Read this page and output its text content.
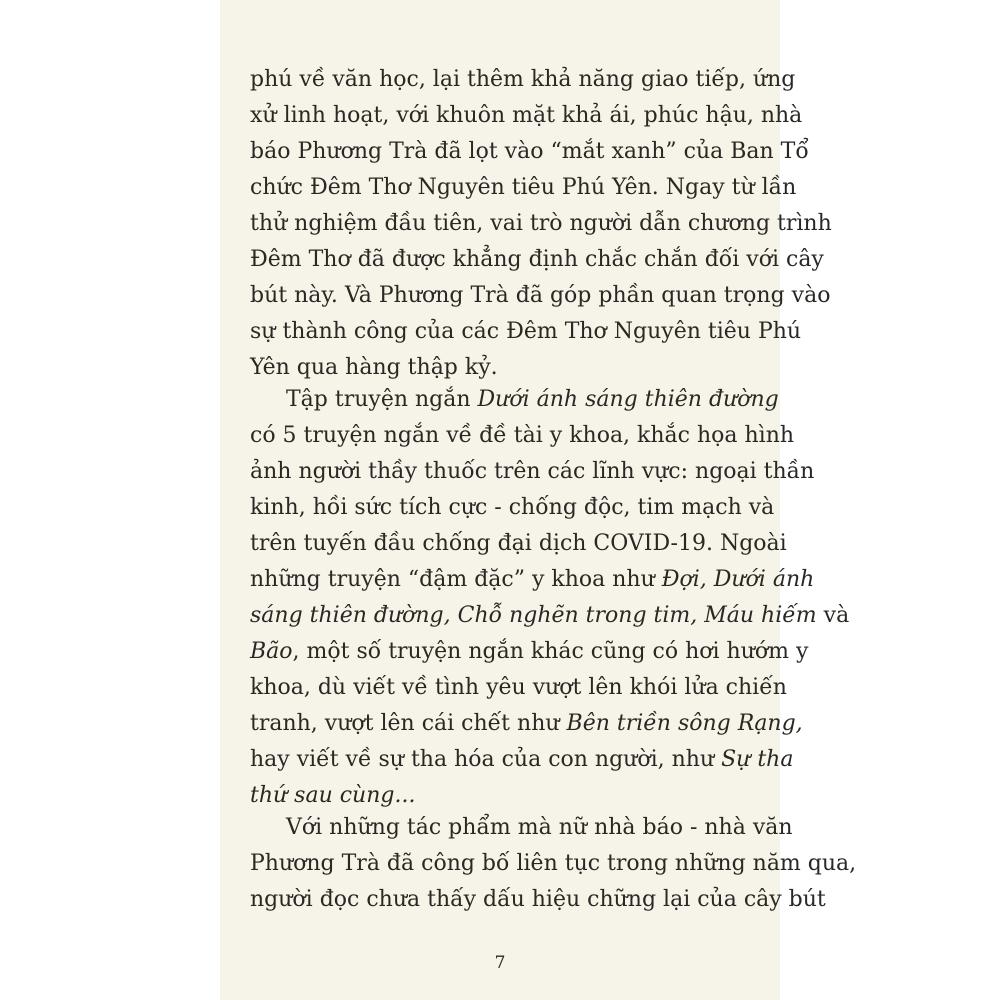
phú về văn học, lại thêm khả năng giao tiếp, ứng
xử linh hoạt, với khuôn mặt khả ái, phúc hậu, nhà
báo Phương Trà đã lọt vào “mắt xanh” của Ban Tổ
chức Đêm Thơ Nguyên tiêu Phú Yên. Ngay từ lần
thử nghiệm đầu tiên, vai trò người dẫn chương trình
Đêm Thơ đã được khẳng định chắc chắn đối với cây
bút này. Và Phương Trà đã góp phần quan trọng vào
sự thành công của các Đêm Thơ Nguyên tiêu Phú
Yên qua hàng thập kỷ.
Tập truyện ngắn Dưới ánh sáng thiên đường
có 5 truyện ngắn về đề tài y khoa, khắc họa hình
ảnh người thầy thuốc trên các lĩnh vực: ngoại thần
kinh, hồi sức tích cực - chống độc, tim mạch và
trên tuyến đầu chống đại dịch COVID-19. Ngoài
những truyện “đậm đặc” y khoa như Đợi, Dưới ánh
sáng thiên đường, Chỗ nghẽn trong tim, Máu hiếm và
Bão, một số truyện ngắn khác cũng có hơi hướm y
khoa, dù viết về tình yêu vượt lên khói lửa chiến
tranh, vượt lên cái chết như Bên triền sông Rạng,
hay viết về sự tha hóa của con người, như Sự tha
thứ sau cùng...
Với những tác phẩm mà nữ nhà báo - nhà văn
Phương Trà đã công bố liên tục trong những năm qua,
người đọc chưa thấy dấu hiệu chững lại của cây bút
7
